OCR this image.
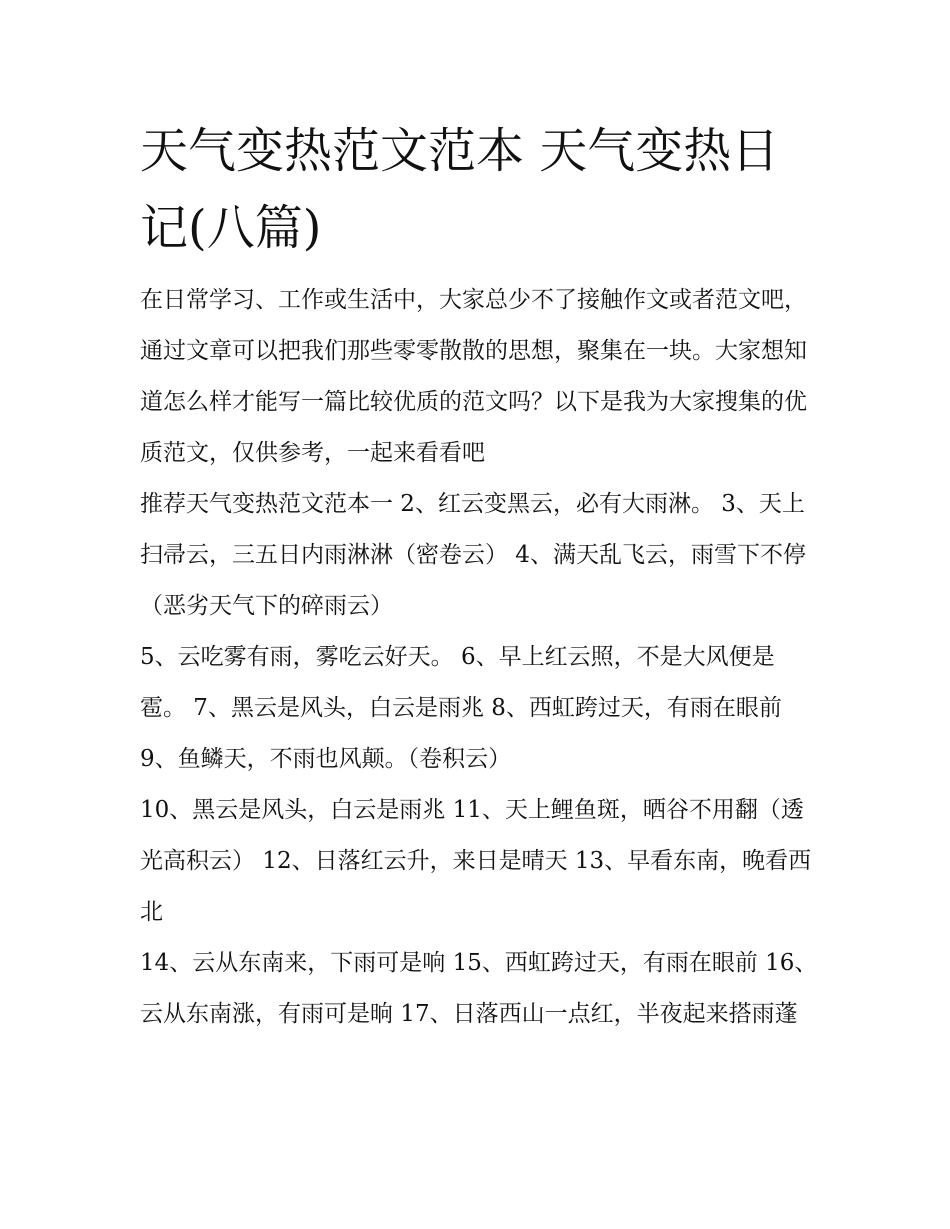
天气变热范文范本 天气变热日记(八篇)

在日常学习、工作或生活中，大家总少不了接触作文或者范文吧，通过文章可以把我们那些零零散散的思想，聚集在一块。大家想知道怎么样才能写一篇比较优质的范文吗？以下是我为大家搜集的优质范文，仅供参考，一起来看看吧

推荐天气变热范文范本一 2、红云变黑云，必有大雨淋。 3、天上扫帚云，三五日内雨淋淋（密卷云） 4、满天乱飞云，雨雪下不停（恶劣天气下的碎雨云）

5、云吃雾有雨，雾吃云好天。 6、早上红云照，不是大风便是雹。 7、黑云是风头，白云是雨兆 8、西虹跨过天，有雨在眼前 9、鱼鳞天，不雨也风颠。（卷积云）

10、黑云是风头，白云是雨兆 11、天上鲤鱼斑，晒谷不用翻（透光高积云） 12、日落红云升，来日是晴天 13、早看东南，晚看西北

14、云从东南来，下雨可是响 15、西虹跨过天，有雨在眼前 16、云从东南涨，有雨可是晌 17、日落西山一点红，半夜起来搭雨蓬
